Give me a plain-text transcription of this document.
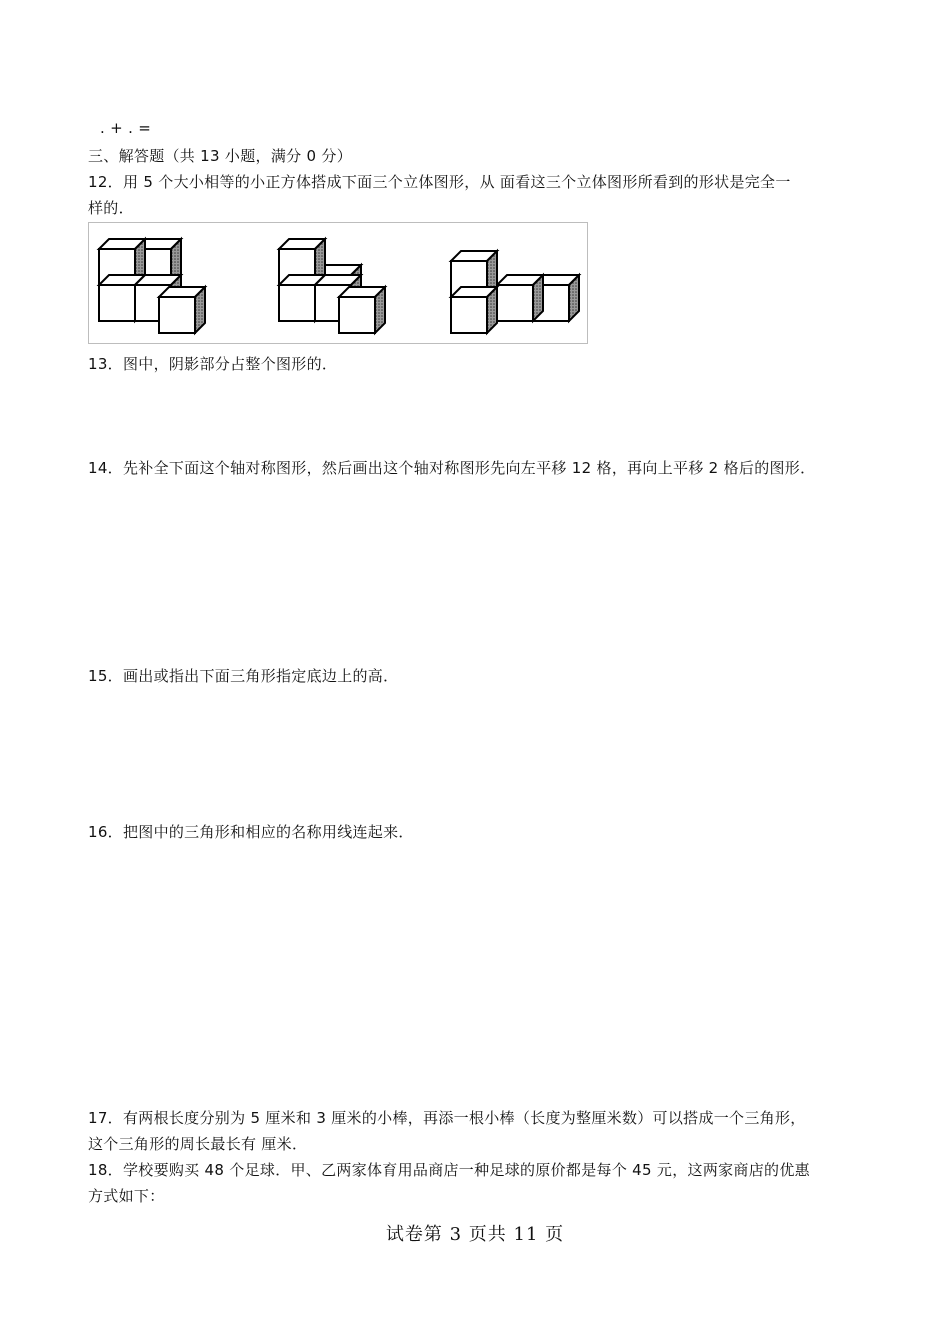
. + . =
三、解答题（共 13 小题，满分 0 分）
12．用 5 个大小相等的小正方体搭成下面三个立体图形，从 面看这三个立体图形所看到的形状是完全一
样的．
13．图中，阴影部分占整个图形的．
14．先补全下面这个轴对称图形，然后画出这个轴对称图形先向左平移 12 格，再向上平移 2 格后的图形．
15．画出或指出下面三角形指定底边上的高．
16．把图中的三角形和相应的名称用线连起来．
17．有两根长度分别为 5 厘米和 3 厘米的小棒，再添一根小棒（长度为整厘米数）可以搭成一个三角形，
这个三角形的周长最长有 厘米．
18．学校要购买 48 个足球．甲、乙两家体育用品商店一种足球的原价都是每个 45 元，这两家商店的优惠
方式如下：
试卷第 3 页共 11 页
